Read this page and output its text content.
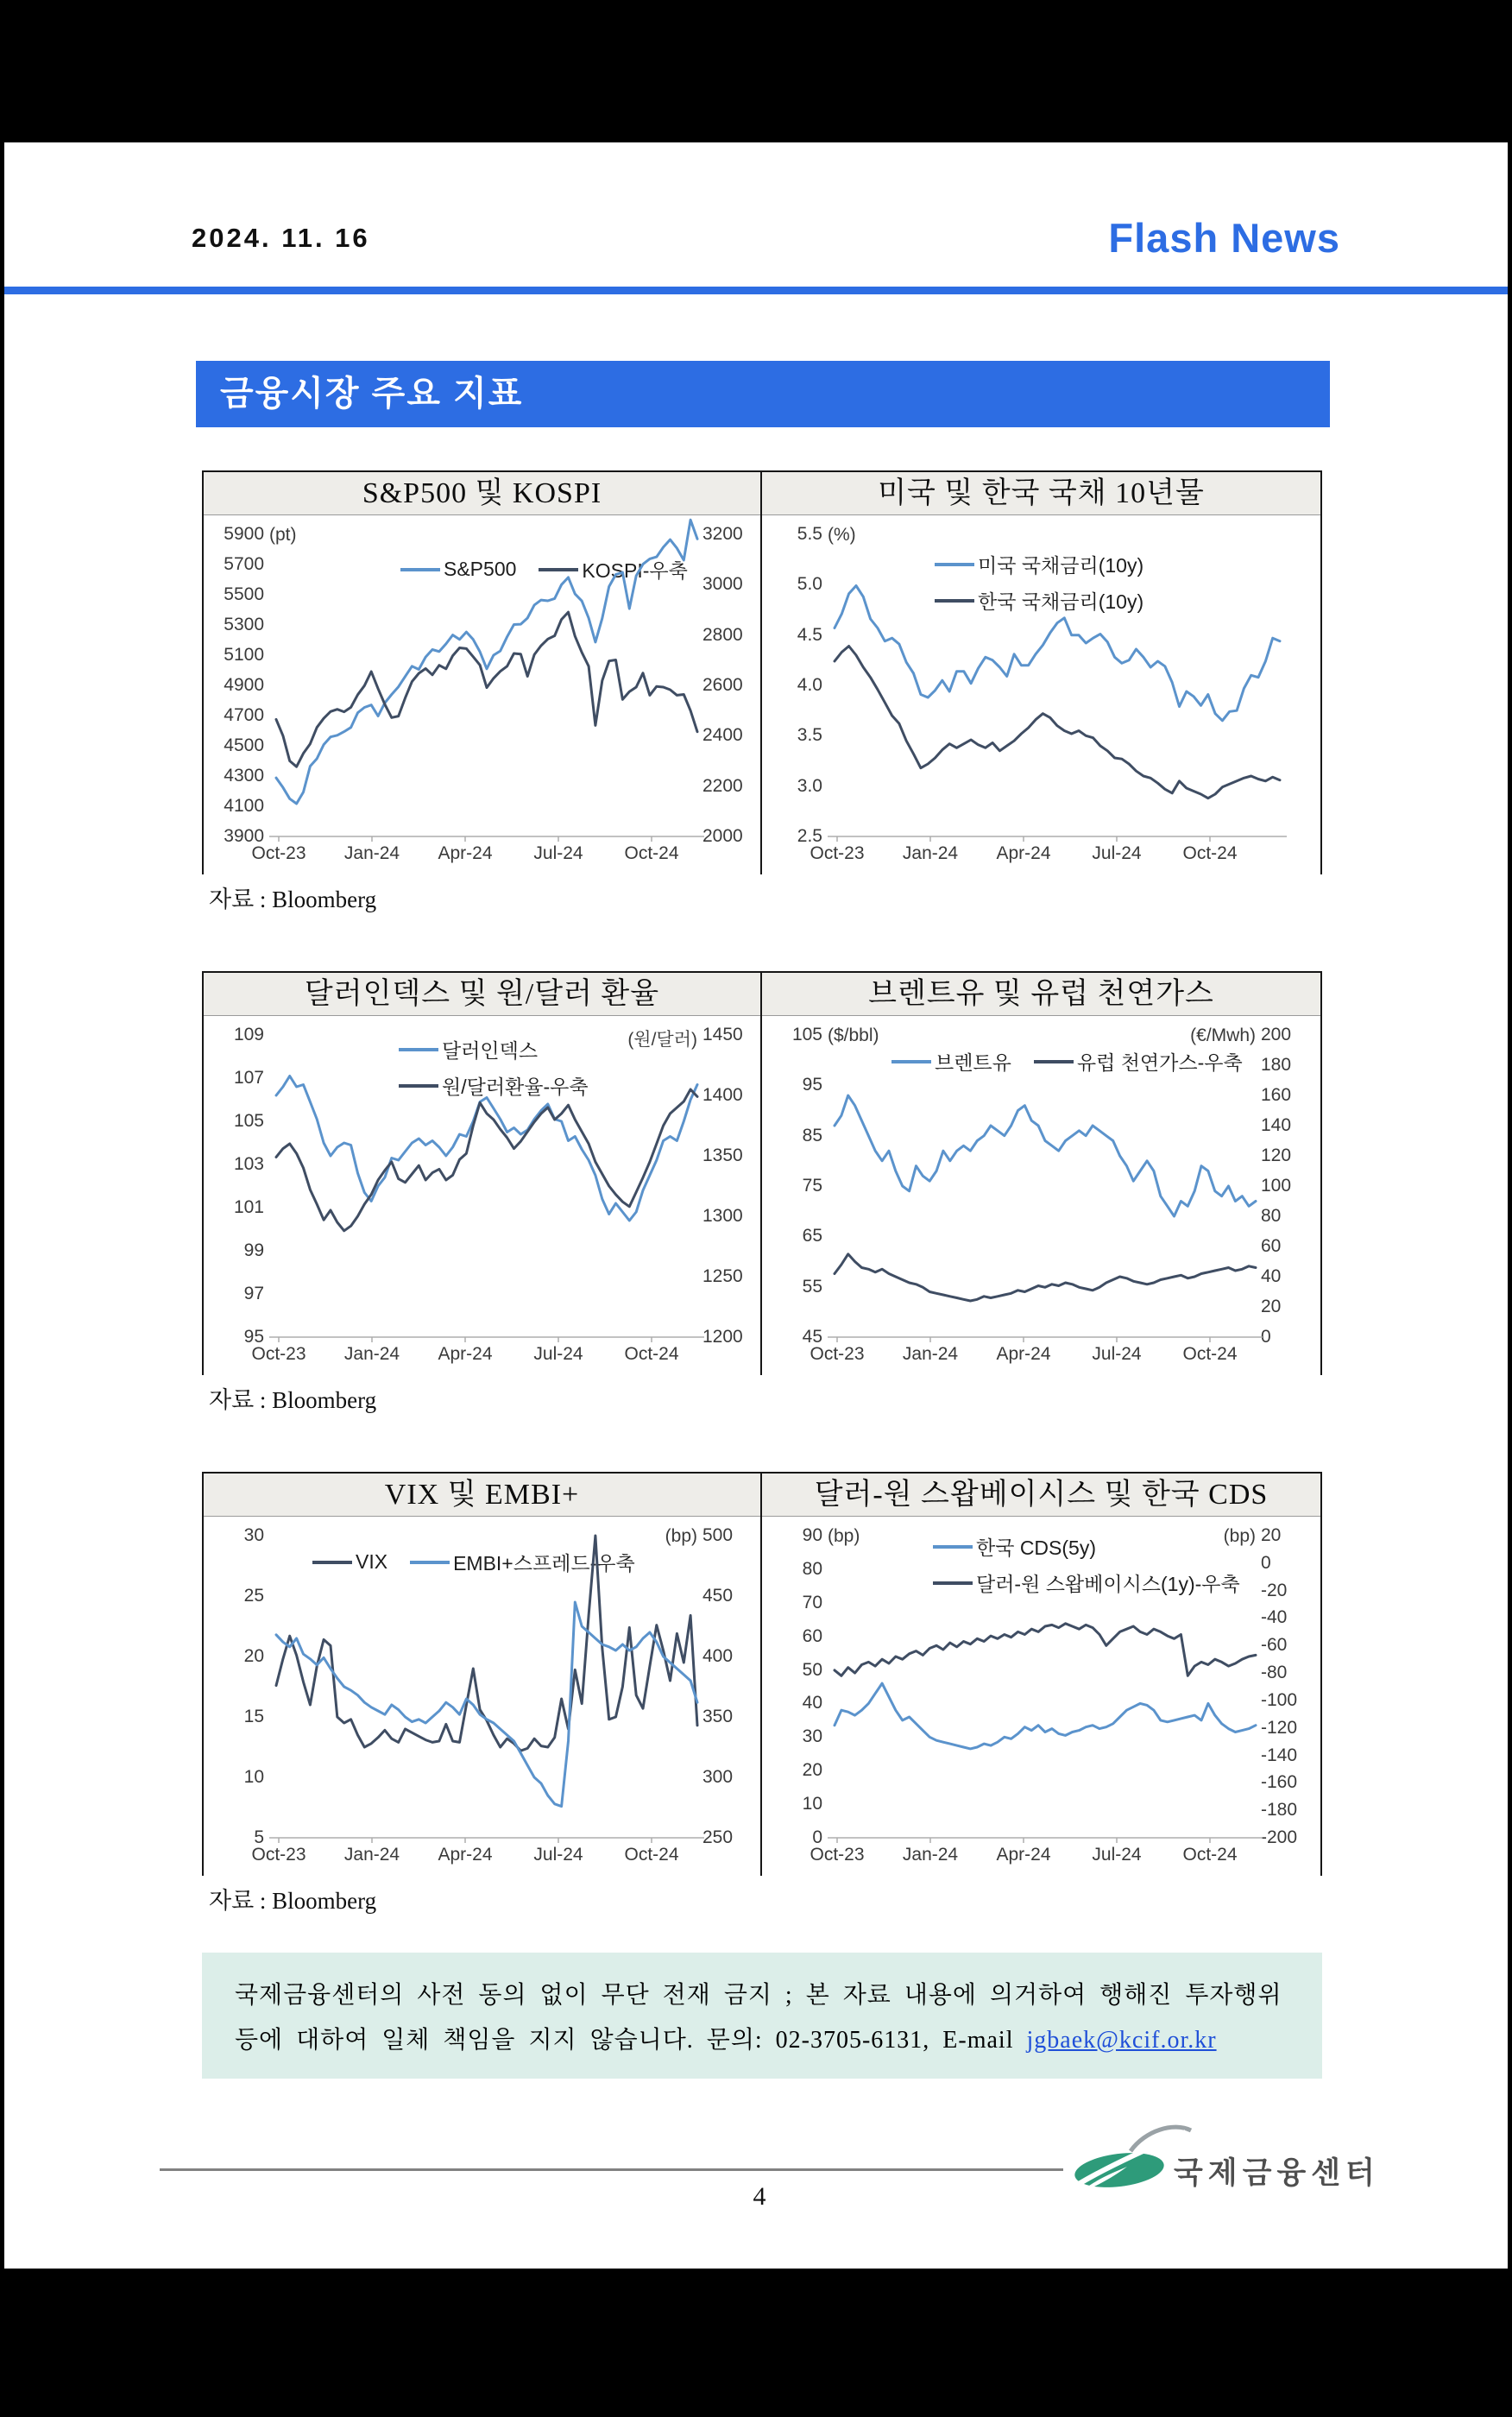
2024. 11. 16	Flash News
금융시장 주요 지표
S&P500 및 KOSPI
5900
5700
5500
5300
5100
4900
4700
4500
4300
4100
3900
(pt)	3200
3000
2800
2600
2400
2200
2000
Oct-23	Jan-24	Apr-24	Jul-24	Oct-24
S&P500	KOSPI-우축
미국 및 한국 국채 10년물
5.5
5.0
4.5
4.0
3.5
3.0
2.5
(%)
Oct-23	Jan-24	Apr-24	Jul-24	Oct-24
미국 국채금리(10y)
한국 국채금리(10y)
자료 : Bloomberg
달러인덱스 및 원/달러 환율
109
107
105
103
101
99
97
95
1450
1400
1350
1300
1250
1200
(원/달러)
Oct-23	Jan-24	Apr-24	Jul-24	Oct-24
달러인덱스
원/달러환율-우축
브렌트유 및 유럽 천연가스
105
95
85
75
65
55
45
($/bbl)	200
180
160
140
120
100
80
60
40
20
0
(€/Mwh)
Oct-23	Jan-24	Apr-24	Jul-24	Oct-24
브렌트유	유럽 천연가스-우축
자료 : Bloomberg
VIX 및 EMBI+
30
25
20
15
10
5
500
450
400
350
300
250
(bp)
Oct-23	Jan-24	Apr-24	Jul-24	Oct-24
VIX	EMBI+스프레드-우축
달러-원 스왑베이시스 및 한국 CDS
90
80
70
60
50
40
30
20
10
0
(bp)	20
0
-20
-40
-60
-80
-100
-120
-140
-160
-180
-200
(bp)
Oct-23	Jan-24	Apr-24	Jul-24	Oct-24
한국 CDS(5y)
달러-원 스왑베이시스(1y)-우축
자료 : Bloomberg
국제금융센터의 사전 동의 없이 무단 전재 금지 ; 본 자료 내용에 의거하여 행해진 투자행위
등에 대하여 일체 책임을 지지 않습니다. 문의: 02-3705-6131, E-mail jgbaek@kcif.or.kr
4
국제금융센터
